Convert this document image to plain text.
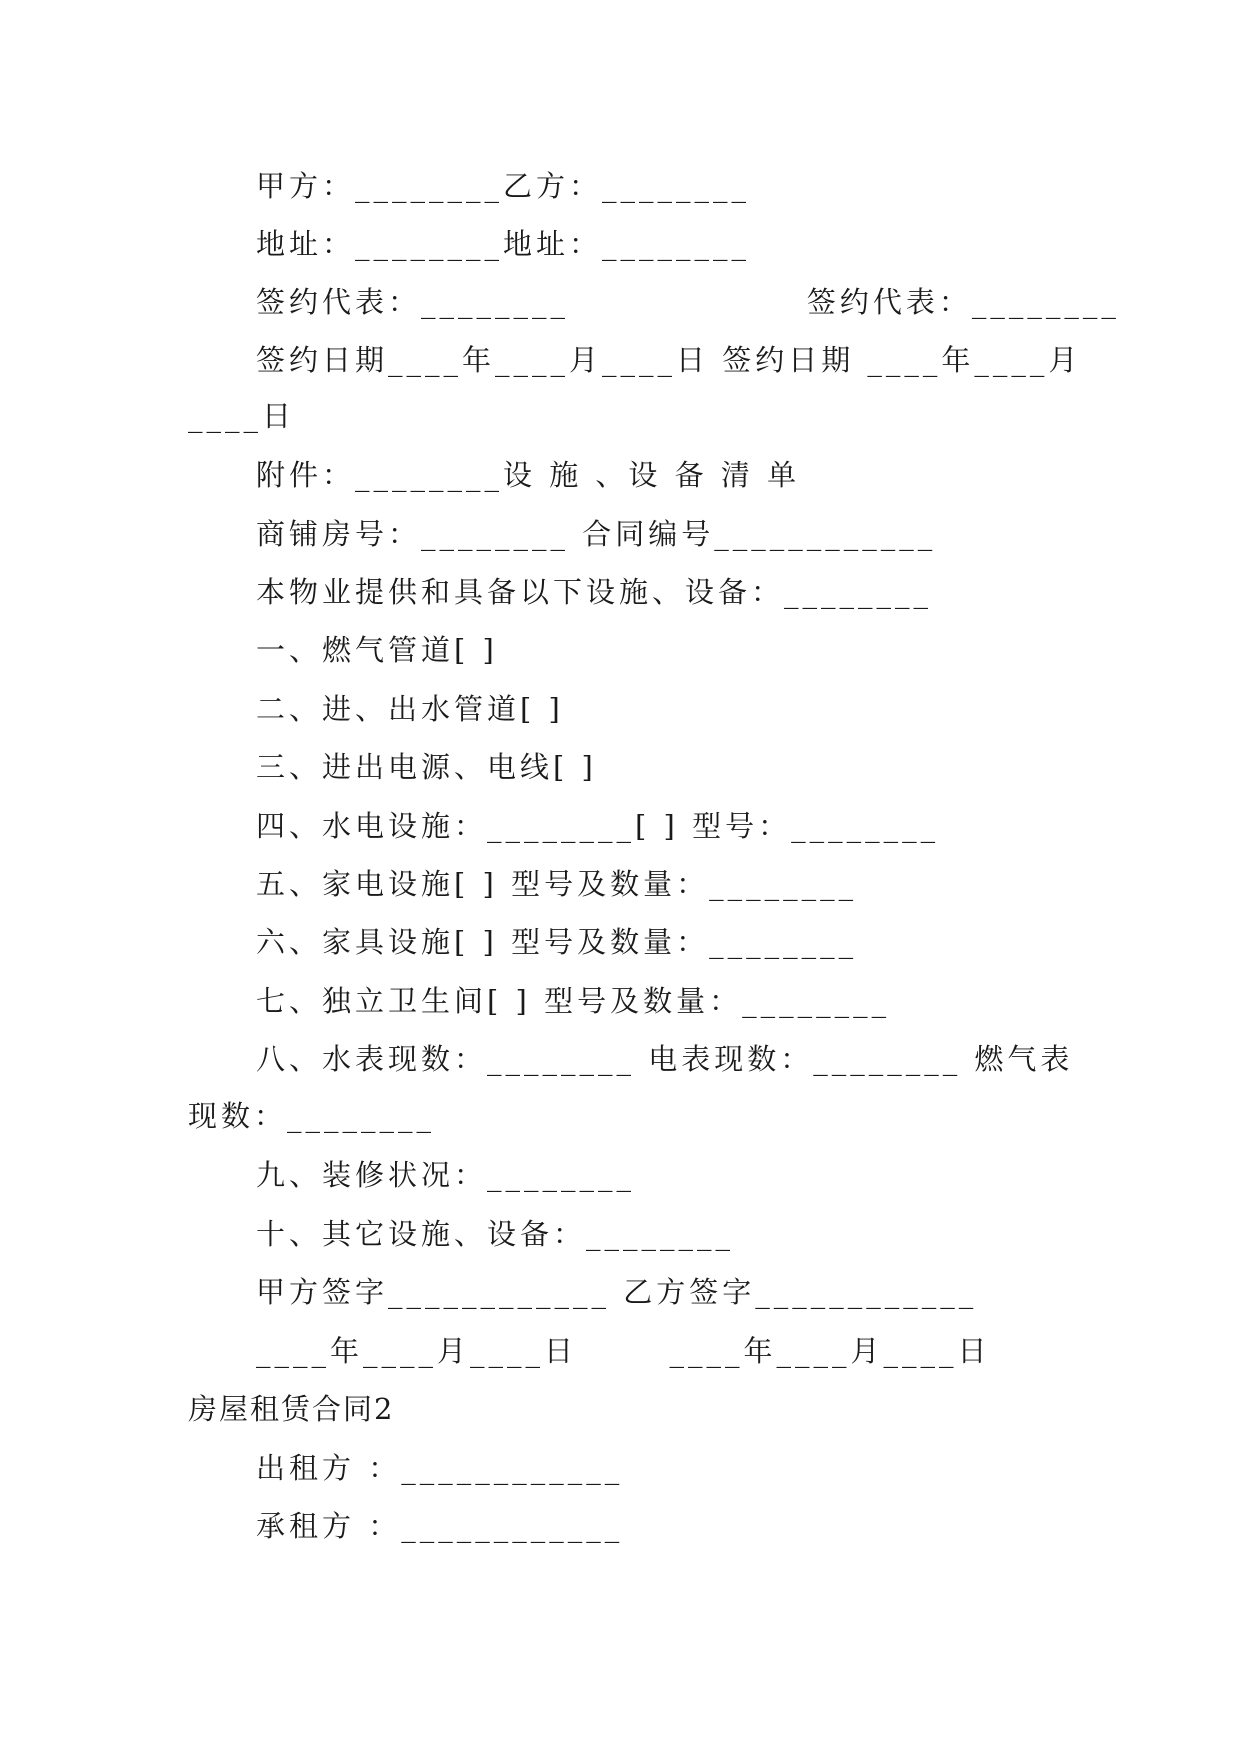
甲方：________乙方：________
地址：________地址：________
签约代表：________                  签约代表：________
签约日期____年____月____日 签约日期 ____年____月
____日
附件：________设 施 、设 备 清 单
商铺房号：________ 合同编号____________
本物业提供和具备以下设施、设备：________
一、燃气管道[ ]
二、进、出水管道[ ]
三、进出电源、电线[ ]
四、水电设施：________[ ] 型号：________
五、家电设施[ ] 型号及数量：________
六、家具设施[ ] 型号及数量：________
七、独立卫生间[ ] 型号及数量：________
八、水表现数：________ 电表现数：________ 燃气表
现数：________
九、装修状况：________
十、其它设施、设备：________
甲方签字____________ 乙方签字____________
____年____月____日       ____年____月____日
房屋租赁合同2
出租方 ：____________
承租方 ：____________
